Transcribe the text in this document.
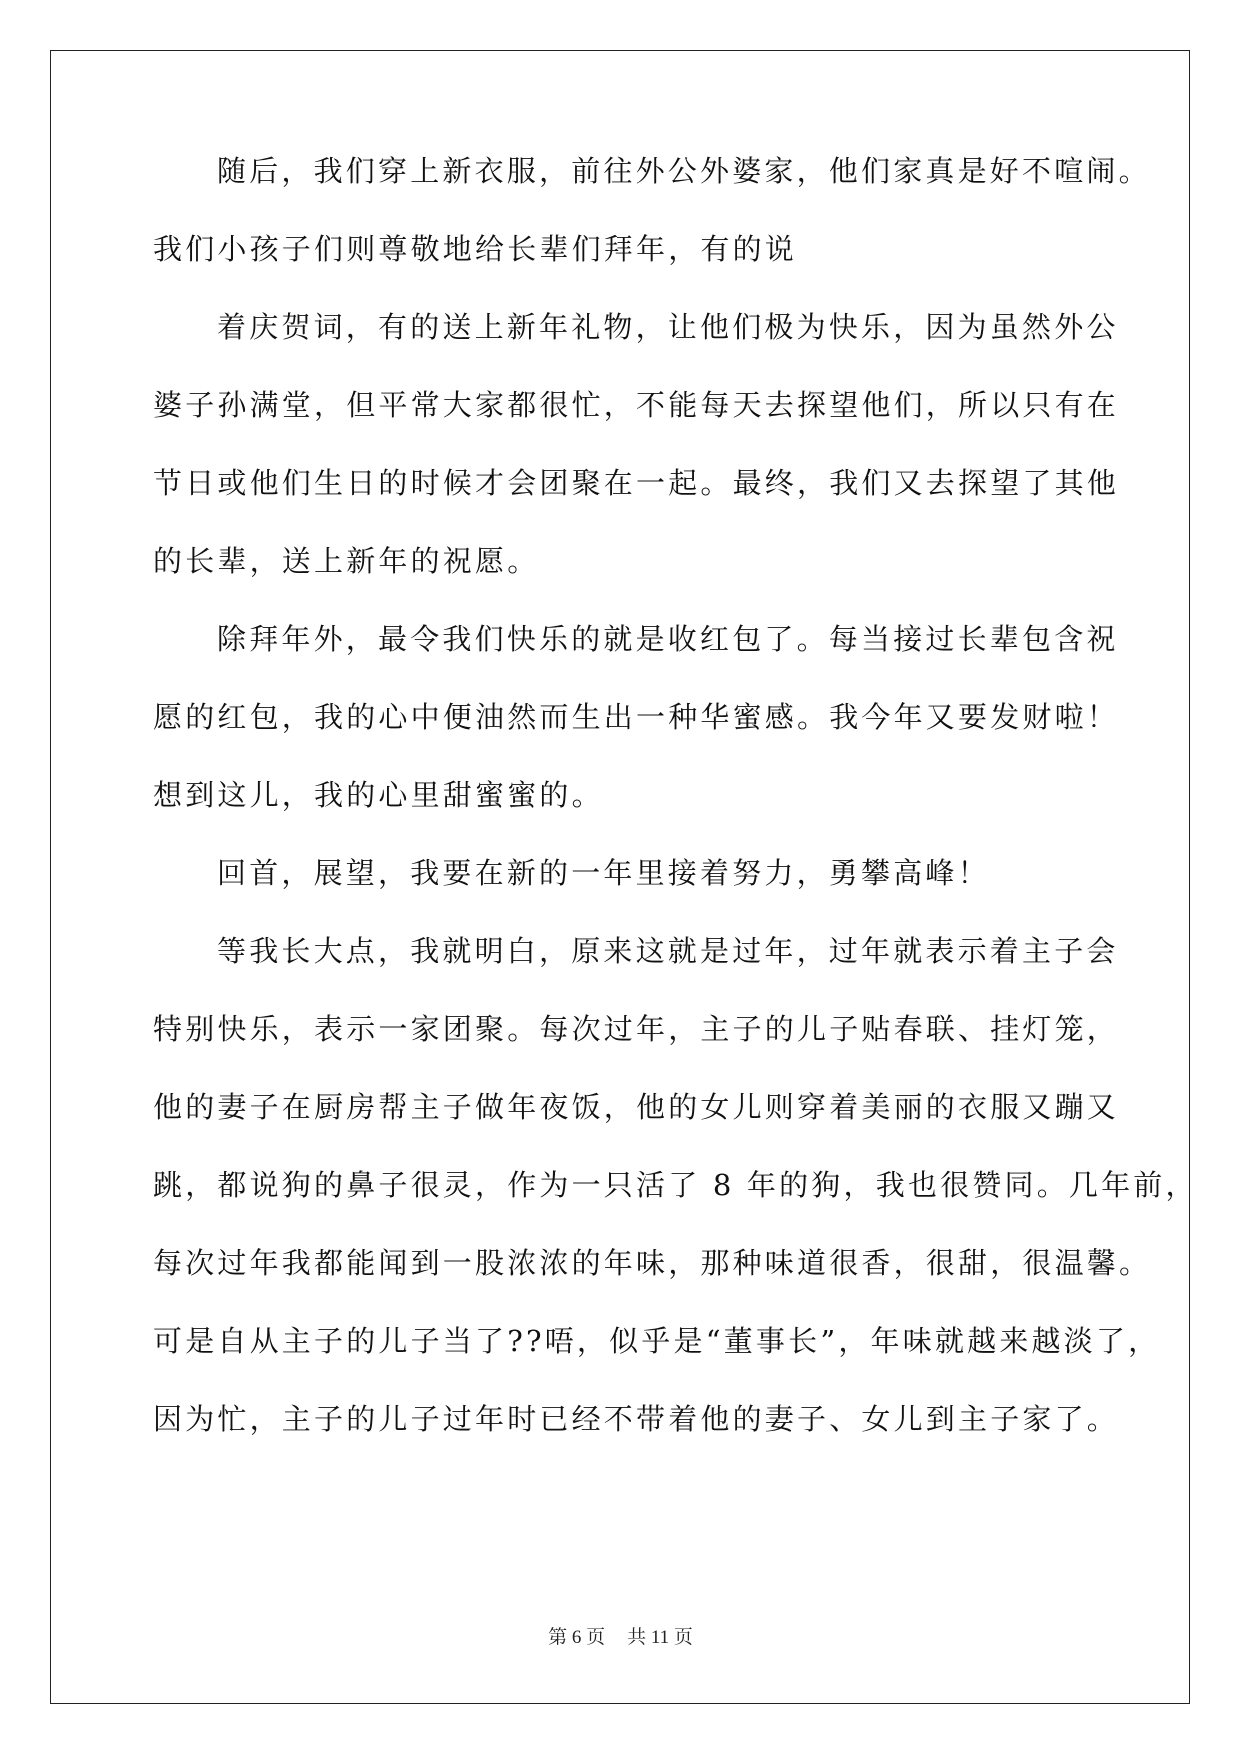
随后，我们穿上新衣服，前往外公外婆家，他们家真是好不喧闹。
我们小孩子们则尊敬地给长辈们拜年，有的说
着庆贺词，有的送上新年礼物，让他们极为快乐，因为虽然外公
婆子孙满堂，但平常大家都很忙，不能每天去探望他们，所以只有在
节日或他们生日的时候才会团聚在一起。最终，我们又去探望了其他
的长辈，送上新年的祝愿。
除拜年外，最令我们快乐的就是收红包了。每当接过长辈包含祝
愿的红包，我的心中便油然而生出一种华蜜感。我今年又要发财啦！
想到这儿，我的心里甜蜜蜜的。
回首，展望，我要在新的一年里接着努力，勇攀高峰！
等我长大点，我就明白，原来这就是过年，过年就表示着主子会
特别快乐，表示一家团聚。每次过年，主子的儿子贴春联、挂灯笼，
他的妻子在厨房帮主子做年夜饭，他的女儿则穿着美丽的衣服又蹦又
跳，都说狗的鼻子很灵，作为一只活了 8 年的狗，我也很赞同。几年前，
每次过年我都能闻到一股浓浓的年味，那种味道很香，很甜，很温馨。
可是自从主子的儿子当了??唔，似乎是“董事长”，年味就越来越淡了，
因为忙，主子的儿子过年时已经不带着他的妻子、女儿到主子家了。
第 6 页 共 11 页
